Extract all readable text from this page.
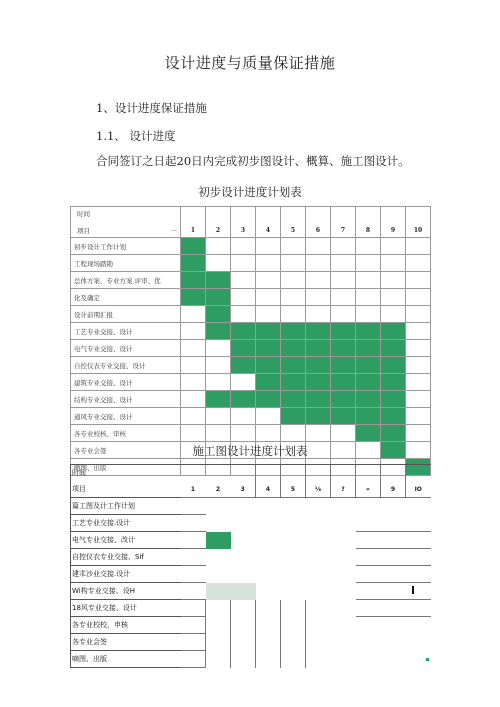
设计进度与质量保证措施
1、设计进度保证措施
1.1、 设计进度
合同签订之日起20日内完成初步图设计、概算、施工图设计。
初步设计进度计划表
时间
项目 一	1	2	3	4	5	6	7	8	9	10
初步设计工作计划										
工程现场踏勘										
总体方案、专业方案 评审、优										
化及确定										
设计前期汇报										
工艺专业交接、设计										
电气专业交接、设计										
自控仪表专业交接、设计										
建筑专业交接、设计										
结构专业交接、设计										
通风专业交接、设计										
各专业校核、审核										
各专业会签										
晒图、出版										
施工图设计进度计划表
时间										
项目	1	2	3	4	5	⅙	?	«	9	IO
篇工图及计工作计划										
工艺专业交接.设计										
电气专业交接、改计										
自控仪衣专业交接、Sif										
建朮沙业交接.设计										
Wi构专业交接、设H										
18风专业交接、设计										
各专业校校，申核										
各专业会签										
嘀图、出版										
